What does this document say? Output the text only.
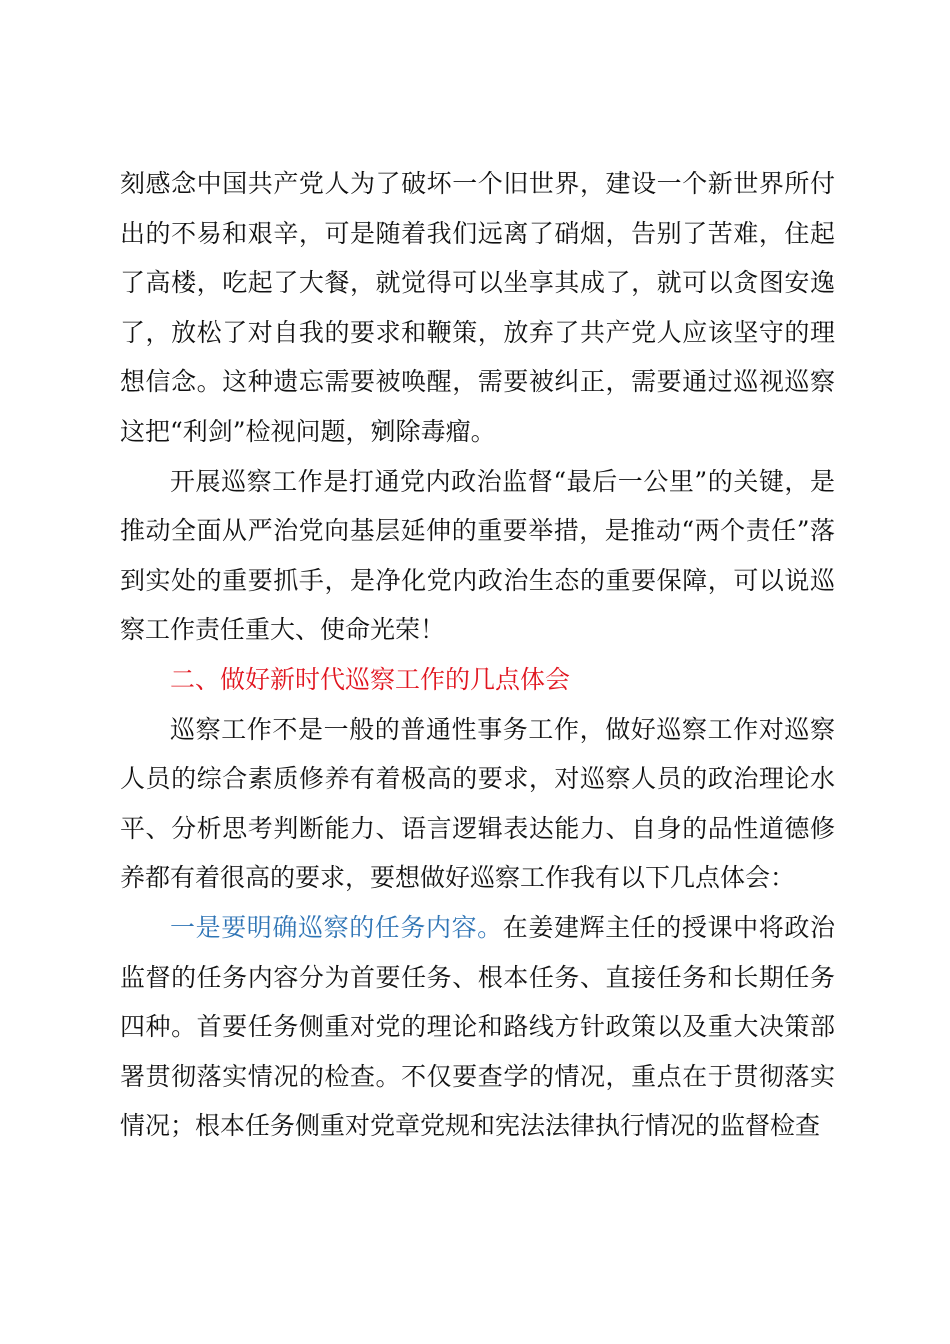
刻感念中国共产党人为了破坏一个旧世界，建设一个新世界所付出的不易和艰辛，可是随着我们远离了硝烟，告别了苦难，住起了高楼，吃起了大餐，就觉得可以坐享其成了，就可以贪图安逸了，放松了对自我的要求和鞭策，放弃了共产党人应该坚守的理想信念。这种遗忘需要被唤醒，需要被纠正，需要通过巡视巡察这把“利剑”检视问题，剜除毒瘤。

开展巡察工作是打通党内政治监督“最后一公里”的关键，是推动全面从严治党向基层延伸的重要举措，是推动“两个责任”落到实处的重要抓手，是净化党内政治生态的重要保障，可以说巡察工作责任重大、使命光荣！

二、做好新时代巡察工作的几点体会

巡察工作不是一般的普通性事务工作，做好巡察工作对巡察人员的综合素质修养有着极高的要求，对巡察人员的政治理论水平、分析思考判断能力、语言逻辑表达能力、自身的品性道德修养都有着很高的要求，要想做好巡察工作我有以下几点体会：

一是要明确巡察的任务内容。在姜建辉主任的授课中将政治监督的任务内容分为首要任务、根本任务、直接任务和长期任务四种。首要任务侧重对党的理论和路线方针政策以及重大决策部署贯彻落实情况的检查。不仅要查学的情况，重点在于贯彻落实情况；根本任务侧重对党章党规和宪法法律执行情况的监督检查
